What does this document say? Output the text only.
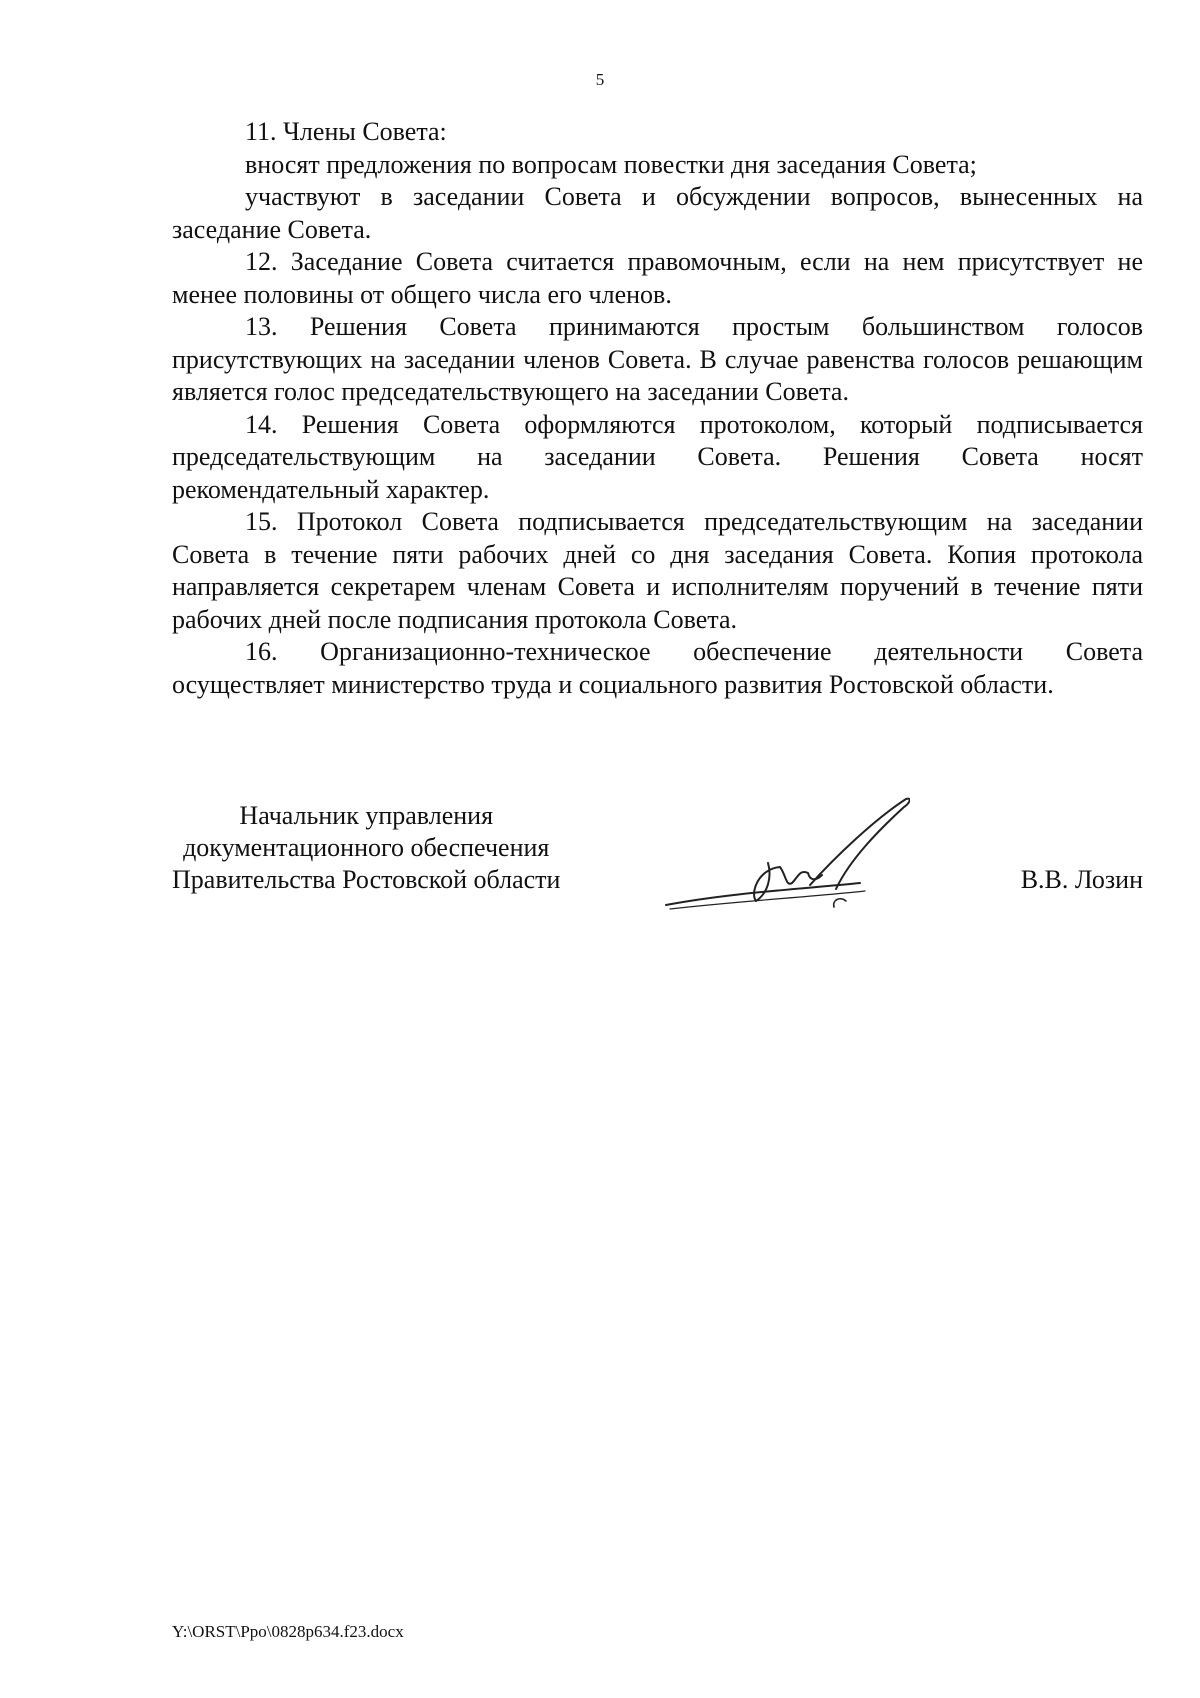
5

11. Члены Совета:

вносят предложения по вопросам повестки дня заседания Совета;

участвуют в заседании Совета и обсуждении вопросов, вынесенных на заседание Совета.

12. Заседание Совета считается правомочным, если на нем присутствует не менее половины от общего числа его членов.

13. Решения Совета принимаются простым большинством голосов присутствующих на заседании членов Совета. В случае равенства голосов решающим является голос председательствующего на заседании Совета.

14. Решения Совета оформляются протоколом, который подписывается председательствующим на заседании Совета. Решения Совета носят рекомендательный характер.

15. Протокол Совета подписывается председательствующим на заседании Совета в течение пяти рабочих дней со дня заседания Совета. Копия протокола направляется секретарем членам Совета и исполнителям поручений в течение пяти рабочих дней после подписания протокола Совета.

16. Организационно-техническое обеспечение деятельности Совета осуществляет министерство труда и социального развития Ростовской области.

Начальник управления
документационного обеспечения
Правительства Ростовской области	В.В. Лозин
Y:\ORST\Ppo\0828p634.f23.docx
